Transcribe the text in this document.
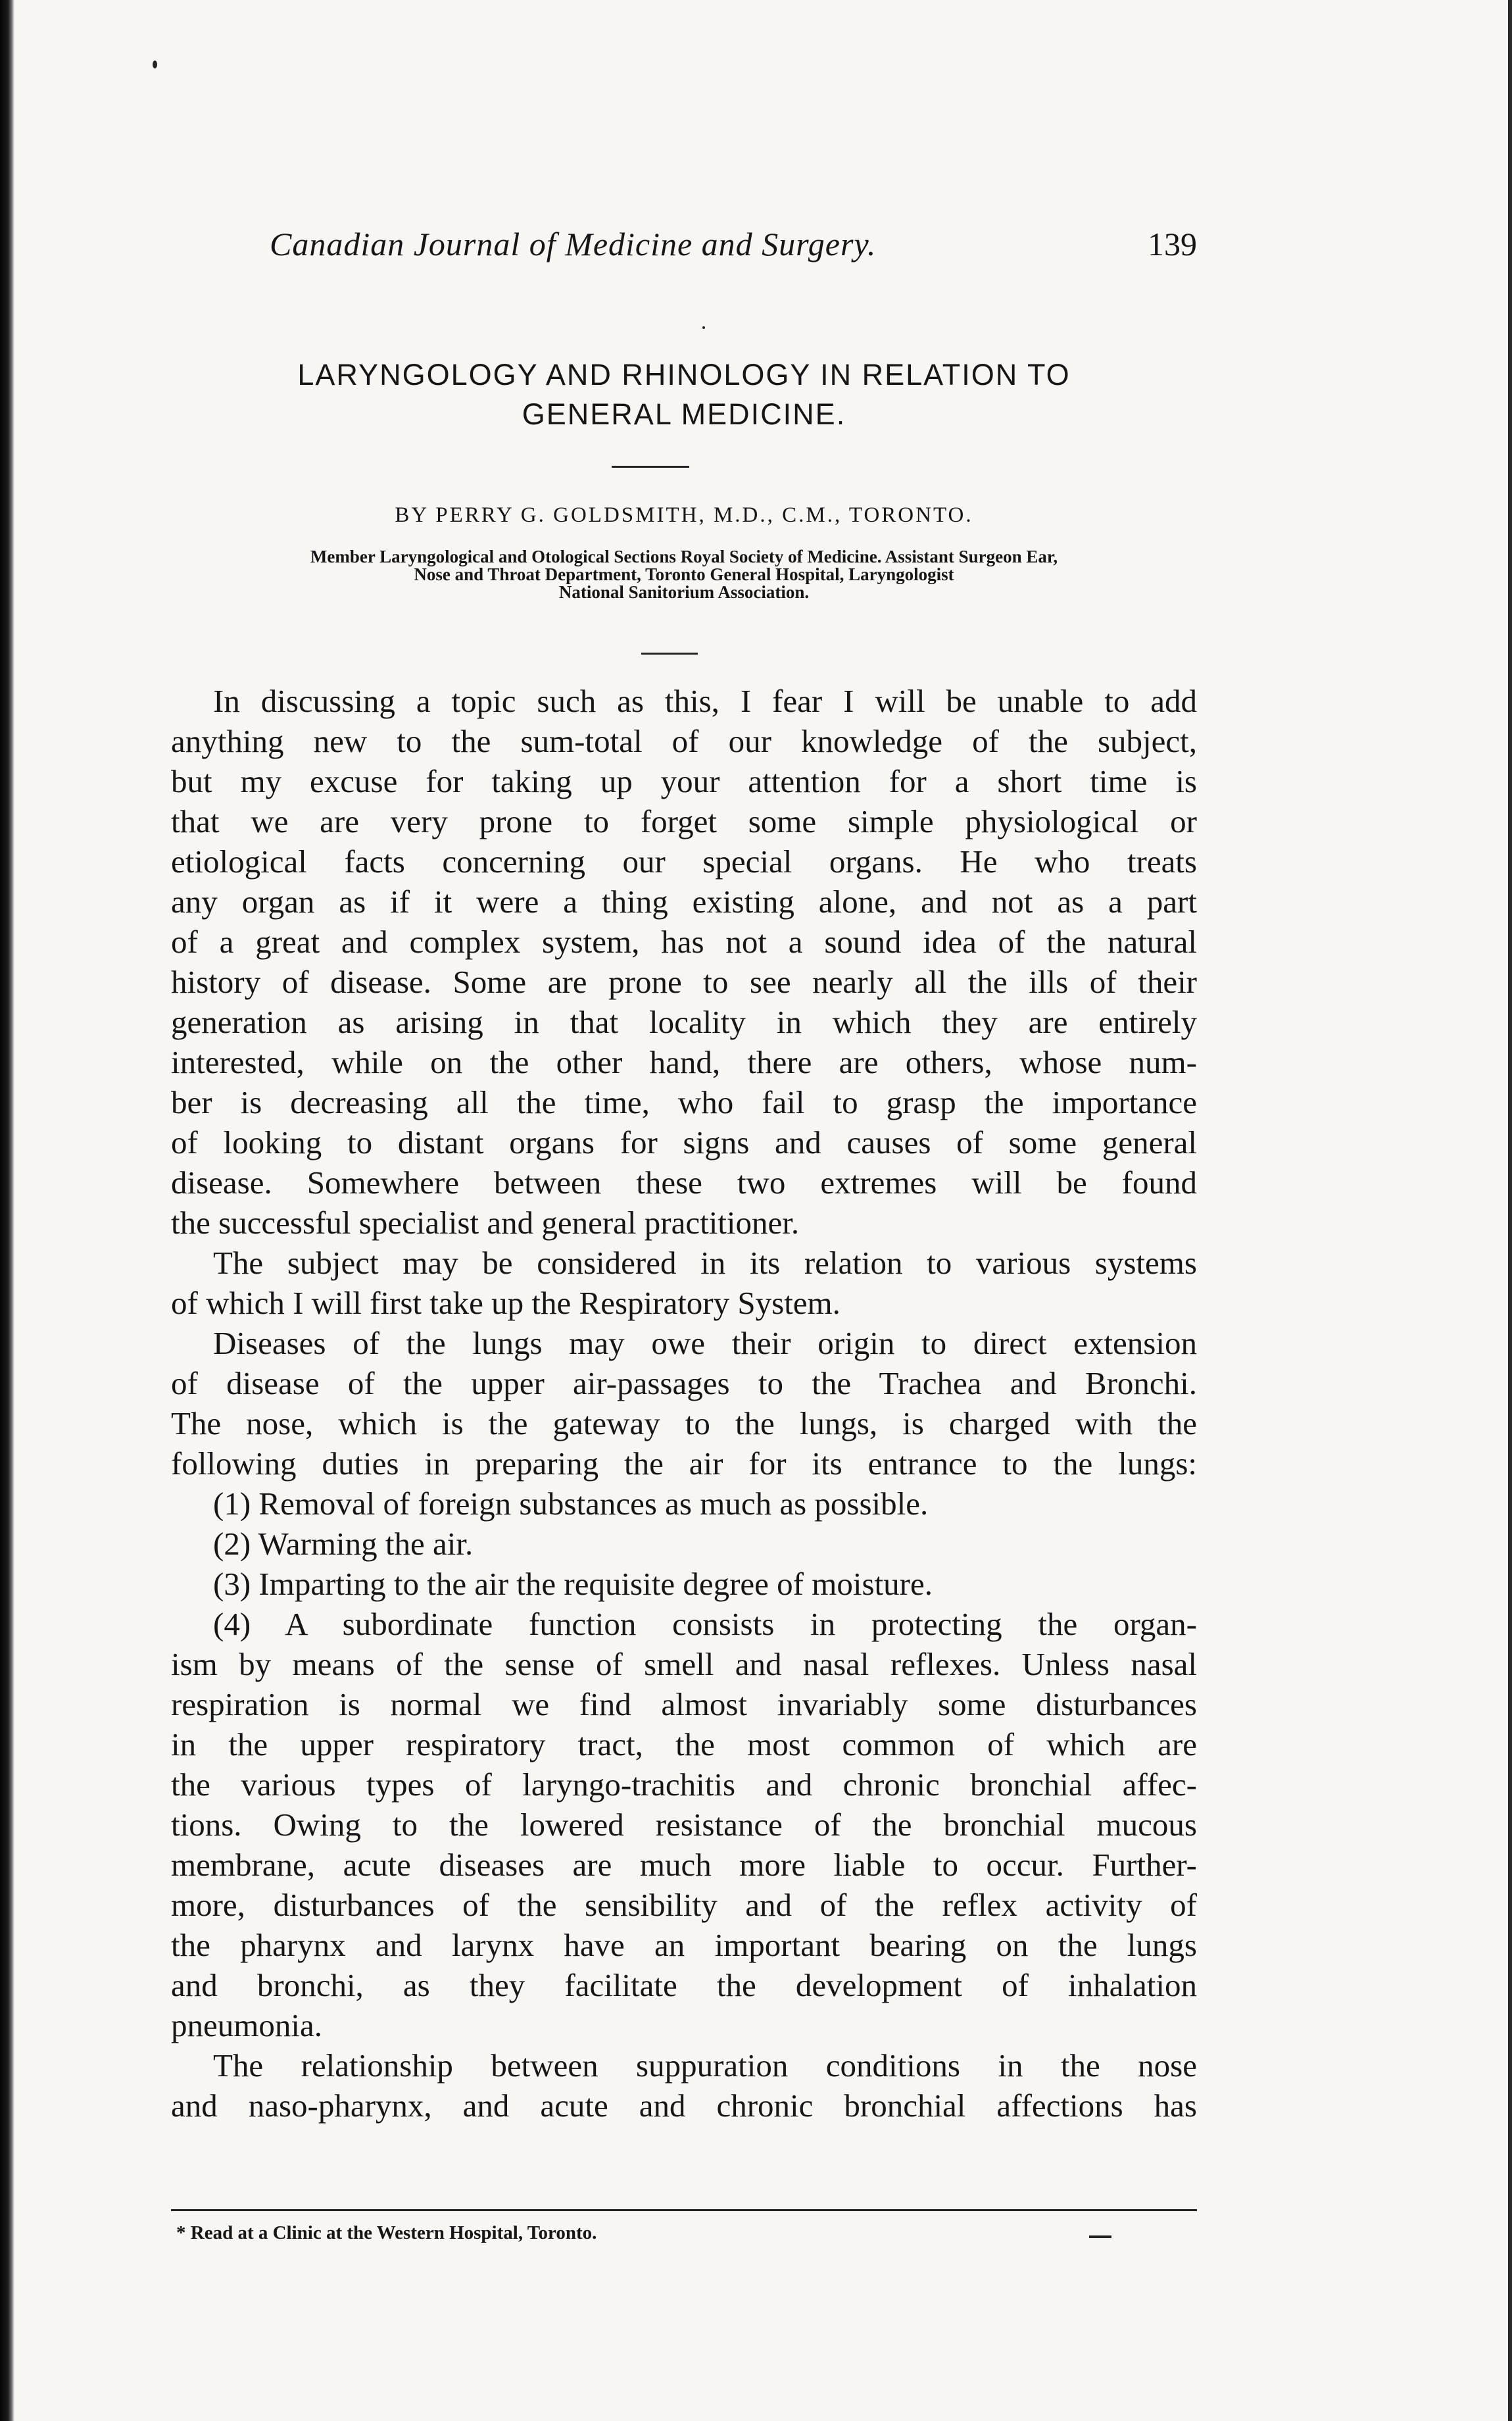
Canadian Journal of Medicine and Surgery.	139
LARYNGOLOGY AND RHINOLOGY IN RELATION TO
GENERAL MEDICINE.
BY PERRY G. GOLDSMITH, M.D., C.M., TORONTO.
Member Laryngological and Otological Sections Royal Society of Medicine. Assistant Surgeon Ear,
Nose and Throat Department, Toronto General Hospital, Laryngologist
National Sanitorium Association.
In discussing a topic such as this, I fear I will be unable to add
anything new to the sum-total of our knowledge of the subject,
but my excuse for taking up your attention for a short time is
that we are very prone to forget some simple physiological or
etiological facts concerning our special organs. He who treats
any organ as if it were a thing existing alone, and not as a part
of a great and complex system, has not a sound idea of the natural
history of disease. Some are prone to see nearly all the ills of their
generation as arising in that locality in which they are entirely
interested, while on the other hand, there are others, whose num-
ber is decreasing all the time, who fail to grasp the importance
of looking to distant organs for signs and causes of some general
disease. Somewhere between these two extremes will be found
the successful specialist and general practitioner.
The subject may be considered in its relation to various systems
of which I will first take up the Respiratory System.
Diseases of the lungs may owe their origin to direct extension
of disease of the upper air-passages to the Trachea and Bronchi.
The nose, which is the gateway to the lungs, is charged with the
following duties in preparing the air for its entrance to the lungs:
(1) Removal of foreign substances as much as possible.
(2) Warming the air.
(3) Imparting to the air the requisite degree of moisture.
(4) A subordinate function consists in protecting the organ-
ism by means of the sense of smell and nasal reflexes. Unless nasal
respiration is normal we find almost invariably some disturbances
in the upper respiratory tract, the most common of which are
the various types of laryngo-trachitis and chronic bronchial affec-
tions. Owing to the lowered resistance of the bronchial mucous
membrane, acute diseases are much more liable to occur. Further-
more, disturbances of the sensibility and of the reflex activity of
the pharynx and larynx have an important bearing on the lungs
and bronchi, as they facilitate the development of inhalation
pneumonia.
The relationship between suppuration conditions in the nose
and naso-pharynx, and acute and chronic bronchial affections has
* Read at a Clinic at the Western Hospital, Toronto.
